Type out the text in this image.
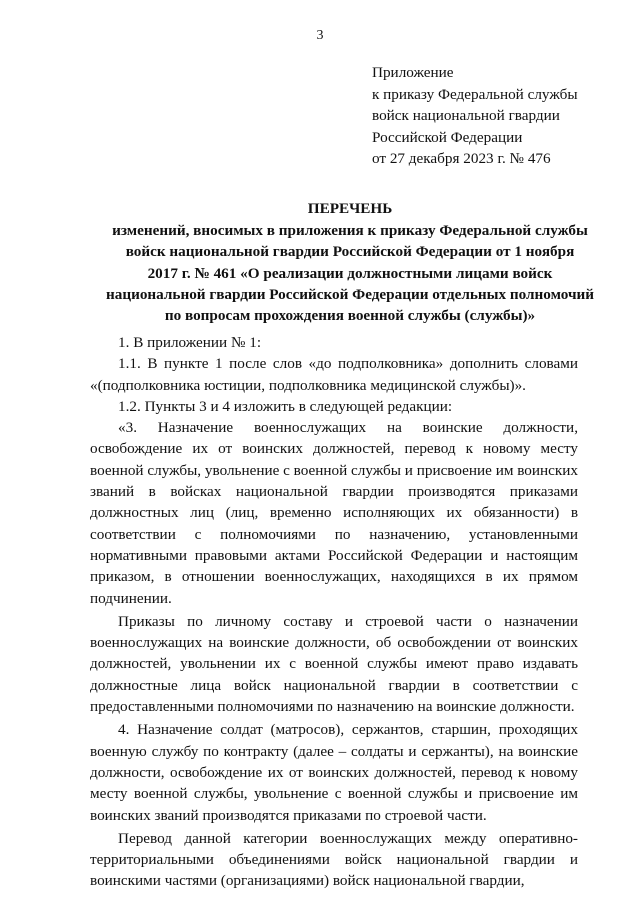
3
Приложение
к приказу Федеральной службы
войск национальной гвардии
Российской Федерации
от 27 декабря 2023 г. № 476
ПЕРЕЧЕНЬ
изменений, вносимых в приложения к приказу Федеральной службы
войск национальной гвардии Российской Федерации от 1 ноября
2017 г. № 461 «О реализации должностными лицами войск
национальной гвардии Российской Федерации отдельных полномочий
по вопросам прохождения военной службы (службы)»

1. В приложении № 1:

1.1. В пункте 1 после слов «до подполковника» дополнить словами «(подполковника юстиции, подполковника медицинской службы)».

1.2. Пункты 3 и 4 изложить в следующей редакции:

«3. Назначение военнослужащих на воинские должности, освобождение их от воинских должностей, перевод к новому месту военной службы, увольнение с военной службы и присвоение им воинских званий в войсках национальной гвардии производятся приказами должностных лиц (лиц, временно исполняющих их обязанности) в соответствии с полномочиями по назначению, установленными нормативными правовыми актами Российской Федерации и настоящим приказом, в отношении военнослужащих, находящихся в их прямом подчинении.

Приказы по личному составу и строевой части о назначении военнослужащих на воинские должности, об освобождении от воинских должностей, увольнении их с военной службы имеют право издавать должностные лица войск национальной гвардии в соответствии с предоставленными полномочиями по назначению на воинские должности.

4. Назначение солдат (матросов), сержантов, старшин, проходящих военную службу по контракту (далее – солдаты и сержанты), на воинские должности, освобождение их от воинских должностей, перевод к новому месту военной службы, увольнение с военной службы и присвоение им воинских званий производятся приказами по строевой части.

Перевод данной категории военнослужащих между оперативно-территориальными объединениями войск национальной гвардии и воинскими частями (организациями) войск национальной гвардии,
